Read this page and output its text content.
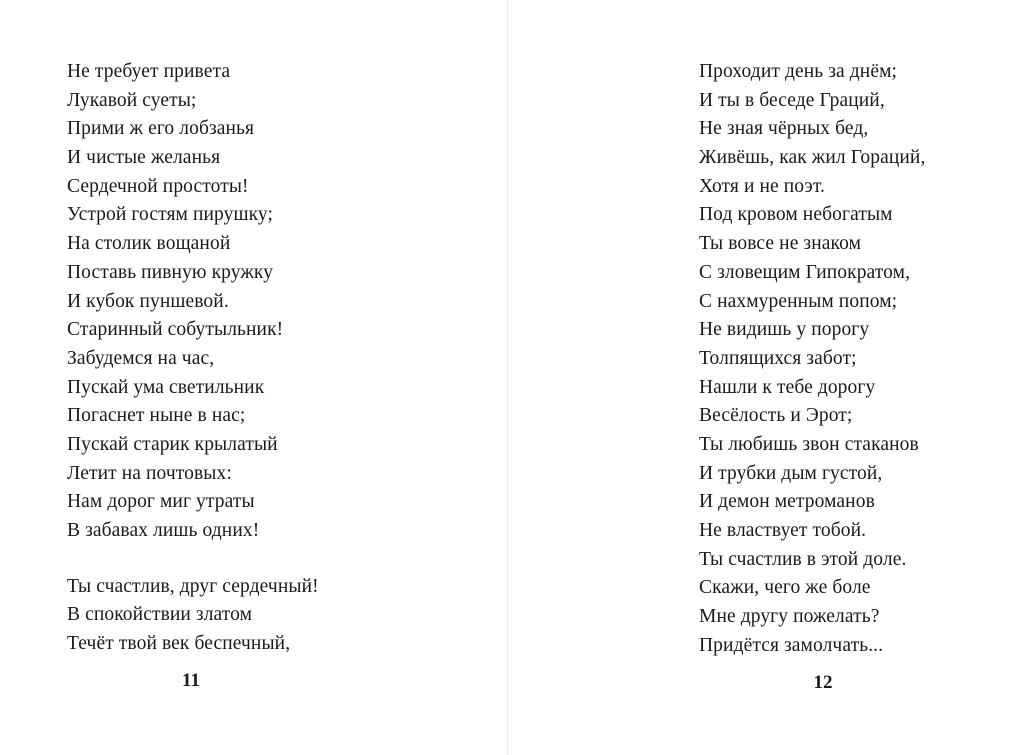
Не требует привета
Лукавой суеты;
Прими ж его лобзанья
И чистые желанья
Сердечной простоты!
Устрой гостям пирушку;
На столик вощаной
Поставь пивную кружку
И кубок пуншевой.
Старинный собутыльник!
Забудемся на час,
Пускай ума светильник
Погаснет ныне в нас;
Пускай старик крылатый
Летит на почтовых:
Нам дорог миг утраты
В забавах лишь одних!
Ты счастлив, друг сердечный!
В спокойствии златом
Течёт твой век беспечный,
11
Проходит день за днём;
И ты в беседе Граций,
Не зная чёрных бед,
Живёшь, как жил Гораций,
Хотя и не поэт.
Под кровом небогатым
Ты вовсе не знаком
С зловещим Гипократом,
С нахмуренным попом;
Не видишь у порогу
Толпящихся забот;
Нашли к тебе дорогу
Весёлость и Эрот;
Ты любишь звон стаканов
И трубки дым густой,
И демон метроманов
Не властвует тобой.
Ты счастлив в этой доле.
Скажи, чего же боле
Мне другу пожелать?
Придётся замолчать...
12
